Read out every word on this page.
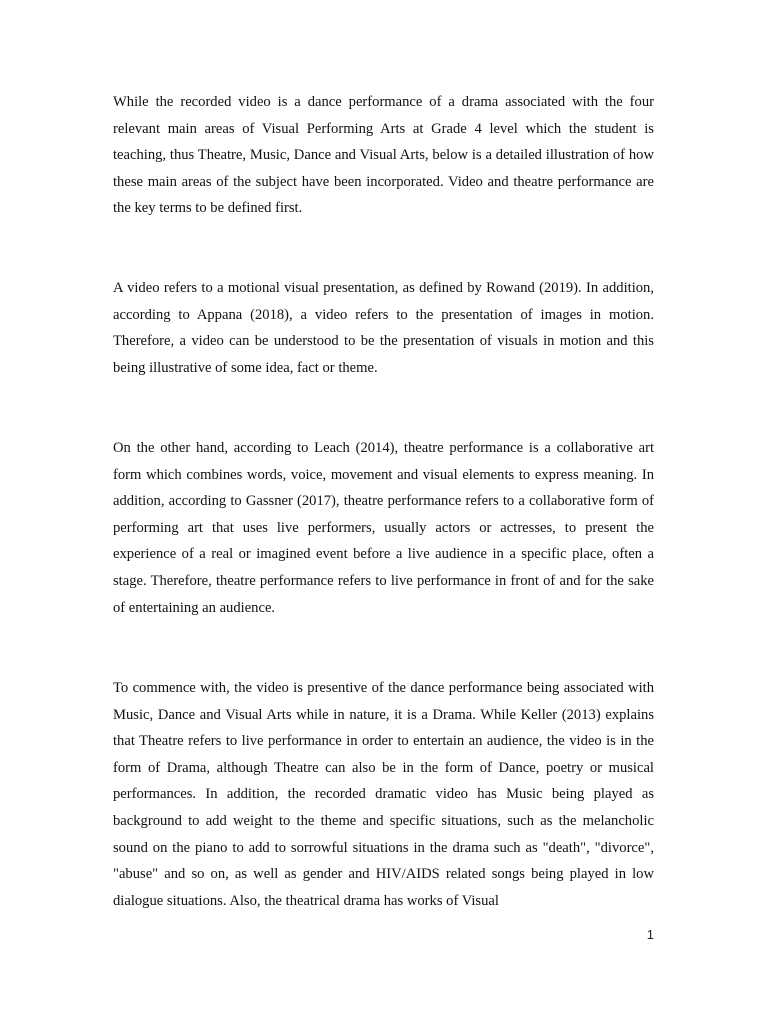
While the recorded video is a dance performance of a drama associated with the four relevant main areas of Visual Performing Arts at Grade 4 level which the student is teaching, thus Theatre, Music, Dance and Visual Arts, below is a detailed illustration of how these main areas of the subject have been incorporated. Video and theatre performance are the key terms to be defined first.

A video refers to a motional visual presentation, as defined by Rowand (2019). In addition, according to Appana (2018), a video refers to the presentation of images in motion. Therefore, a video can be understood to be the presentation of visuals in motion and this being illustrative of some idea, fact or theme.

On the other hand, according to Leach (2014), theatre performance is a collaborative art form which combines words, voice, movement and visual elements to express meaning. In addition, according to Gassner (2017), theatre performance refers to a collaborative form of performing art that uses live performers, usually actors or actresses, to present the experience of a real or imagined event before a live audience in a specific place, often a stage. Therefore, theatre performance refers to live performance in front of and for the sake of entertaining an audience.

To commence with, the video is presentive of the dance performance being associated with Music, Dance and Visual Arts while in nature, it is a Drama. While Keller (2013) explains that Theatre refers to live performance in order to entertain an audience, the video is in the form of Drama, although Theatre can also be in the form of Dance, poetry or musical performances. In addition, the recorded dramatic video has Music being played as background to add weight to the theme and specific situations, such as the melancholic sound on the piano to add to sorrowful situations in the drama such as "death", "divorce", "abuse" and so on, as well as gender and HIV/AIDS related songs being played in low dialogue situations. Also, the theatrical drama has works of Visual

1
